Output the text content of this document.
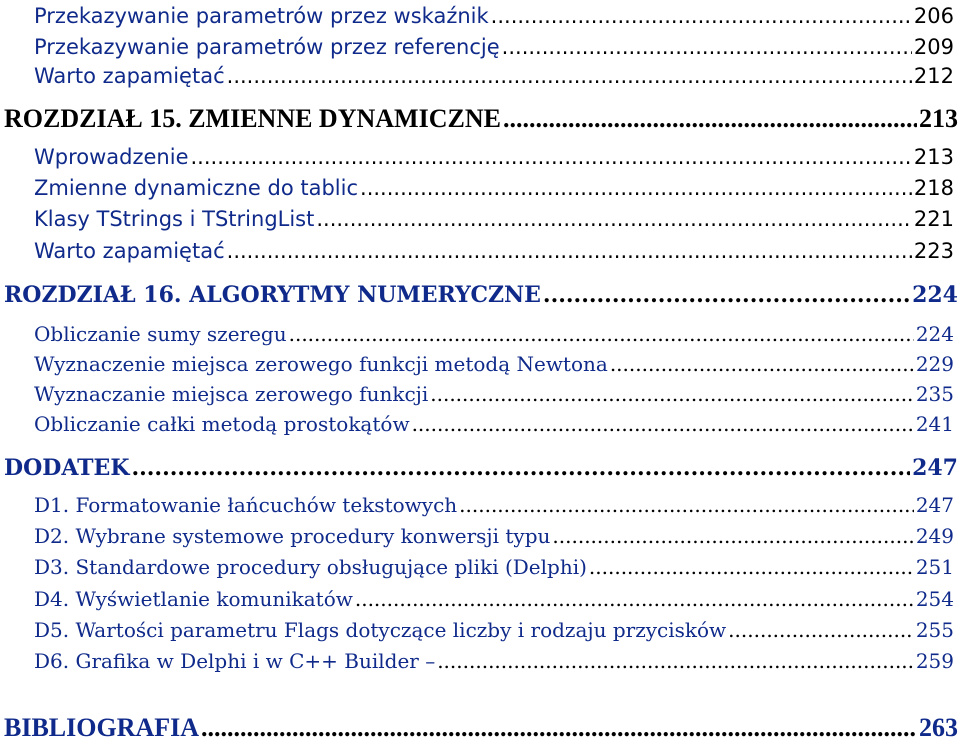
Przekazywanie parametrów przez wskaźnik .....	206
Przekazywanie parametrów przez referencję .....	209
Warto zapamiętać .....	212
ROZDZIAŁ 15. ZMIENNE DYNAMICZNE .....	213
Wprowadzenie .....	213
Zmienne dynamiczne do tablic .....	218
Klasy TStrings i TStringList .....	221
Warto zapamiętać .....	223
ROZDZIAŁ 16. ALGORYTMY NUMERYCZNE .....	224
Obliczanie sumy szeregu .....	224
Wyznaczenie miejsca zerowego funkcji metodą Newtona .....	229
Wyznaczanie miejsca zerowego funkcji .....	235
Obliczanie całki metodą prostokątów .....	241
DODATEK .....	247
D1. Formatowanie łańcuchów tekstowych .....	247
D2. Wybrane systemowe procedury konwersji typu .....	249
D3. Standardowe procedury obsługujące pliki (Delphi) .....	251
D4. Wyświetlanie komunikatów .....	254
D5. Wartości parametru Flags dotyczące liczby i rodzaju przycisków .....	255
D6. Grafika w Delphi i w C++ Builder – .....	259
BIBLIOGRAFIA .....	263
